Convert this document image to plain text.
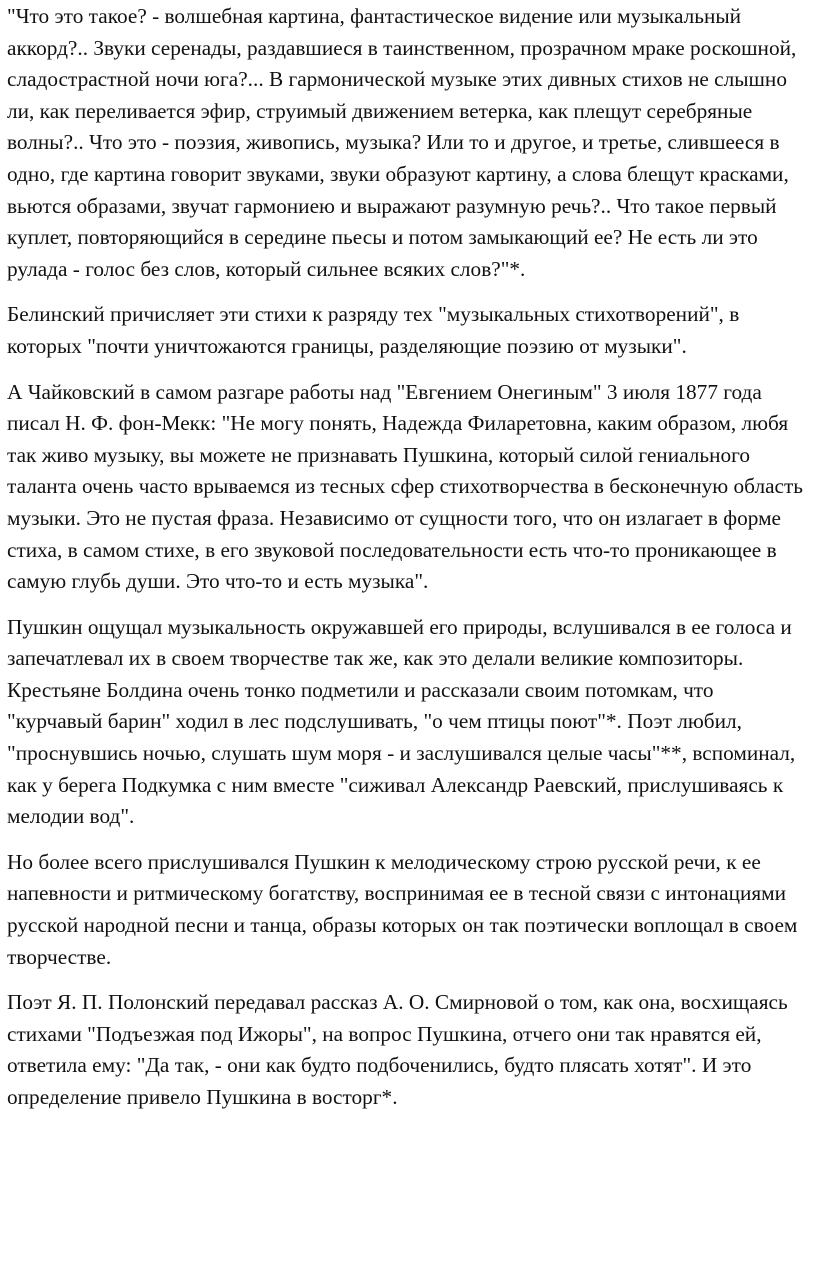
"Что это такое? - волшебная картина, фантастическое видение или музыкальный аккорд?.. Звуки серенады, раздавшиеся в таинственном, прозрачном мраке роскошной, сладострастной ночи юга?... В гармонической музыке этих дивных стихов не слышно ли, как переливается эфир, струимый движением ветерка, как плещут серебряные волны?.. Что это - поэзия, живопись, музыка? Или то и другое, и третье, слившееся в одно, где картина говорит звуками, звуки образуют картину, а слова блещут красками, вьются образами, звучат гармониею и выражают разумную речь?.. Что такое первый куплет, повторяющийся в середине пьесы и потом замыкающий ее? Не есть ли это рулада - голос без слов, который сильнее всяких слов?"*.

Белинский причисляет эти стихи к разряду тех "музыкальных стихотворений", в которых "почти уничтожаются границы, разделяющие поэзию от музыки".

А Чайковский в самом разгаре работы над "Евгением Онегиным" 3 июля 1877 года писал Н. Ф. фон-Мекк: "Не могу понять, Надежда Филаретовна, каким образом, любя так живо музыку, вы можете не признавать Пушкина, который силой гениального таланта очень часто врываемся из тесных сфер стихотворчества в бесконечную область музыки. Это не пустая фраза. Независимо от сущности того, что он излагает в форме стиха, в самом стихе, в его звуковой последовательности есть что-то проникающее в самую глубь души. Это что-то и есть музыка".

Пушкин ощущал музыкальность окружавшей его природы, вслушивался в ее голоса и запечатлевал их в своем творчестве так же, как это делали великие композиторы. Крестьяне Болдина очень тонко подметили и рассказали своим потомкам, что "курчавый барин" ходил в лес подслушивать, "о чем птицы поют"*. Поэт любил, "проснувшись ночью, слушать шум моря - и заслушивался целые часы"**, вспоминал, как у берега Подкумка с ним вместе "сиживал Александр Раевский, прислушиваясь к мелодии вод".

Но более всего прислушивался Пушкин к мелодическому строю русской речи, к ее напевности и ритмическому богатству, воспринимая ее в тесной связи с интонациями русской народной песни и танца, образы которых он так поэтически воплощал в своем творчестве.

Поэт Я. П. Полонский передавал рассказ А. О. Смирновой о том, как она, восхищаясь стихами "Подъезжая под Ижоры", на вопрос Пушкина, отчего они так нравятся ей, ответила ему: "Да так, - они как будто подбоченились, будто плясать хотят". И это определение привело Пушкина в восторг*.
